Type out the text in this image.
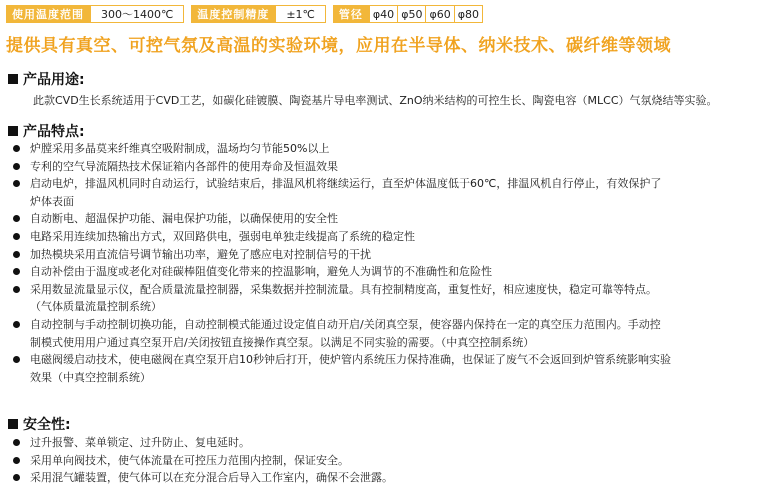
使用温度范围	300～1400℃	温度控制精度	±1℃	管径 φ40 φ50 φ60 φ80
提供具有真空、可控气氛及高温的实验环境，应用在半导体、纳米技术、碳纤维等领域
产品用途:
此款CVD生长系统适用于CVD工艺，如碳化硅镀膜、陶瓷基片导电率测试、ZnO纳米结构的可控生长、陶瓷电容（MLCC）气氛烧结等实验。
产品特点:
炉膛采用多晶莫来纤维真空吸附制成，温场均匀节能50%以上
专利的空气导流隔热技术保证箱内各部件的使用寿命及恒温效果
启动电炉，排温风机同时自动运行，试验结束后，排温风机将继续运行，直至炉体温度低于60℃，排温风机自行停止，有效保护了
炉体表面
自动断电、超温保护功能、漏电保护功能，以确保使用的安全性
电路采用连续加热输出方式，双回路供电，强弱电单独走线提高了系统的稳定性
加热模块采用直流信号调节输出功率，避免了感应电对控制信号的干扰
自动补偿由于温度或老化对硅碳棒阻值变化带来的控温影响，避免人为调节的不准确性和危险性
采用数显流量显示仪，配合质量流量控制器，采集数据并控制流量。具有控制精度高，重复性好，相应速度快，稳定可靠等特点。
（气体质量流量控制系统）
自动控制与手动控制切换功能，自动控制模式能通过设定值自动开启/关闭真空泵，使容器内保持在一定的真空压力范围内。手动控
制模式使用用户通过真空泵开启/关闭按钮直接操作真空泵。以满足不同实验的需要。（中真空控制系统）
电磁阀缓启动技术，使电磁阀在真空泵开启10秒钟后打开，使炉管内系统压力保持准确，也保证了废气不会返回到炉管系统影响实验
效果（中真空控制系统）
安全性:
过升报警、菜单锁定、过升防止、复电延时。
采用单向阀技术，使气体流量在可控压力范围内控制，保证安全。
采用混气罐装置，使气体可以在充分混合后导入工作室内，确保不会泄露。
